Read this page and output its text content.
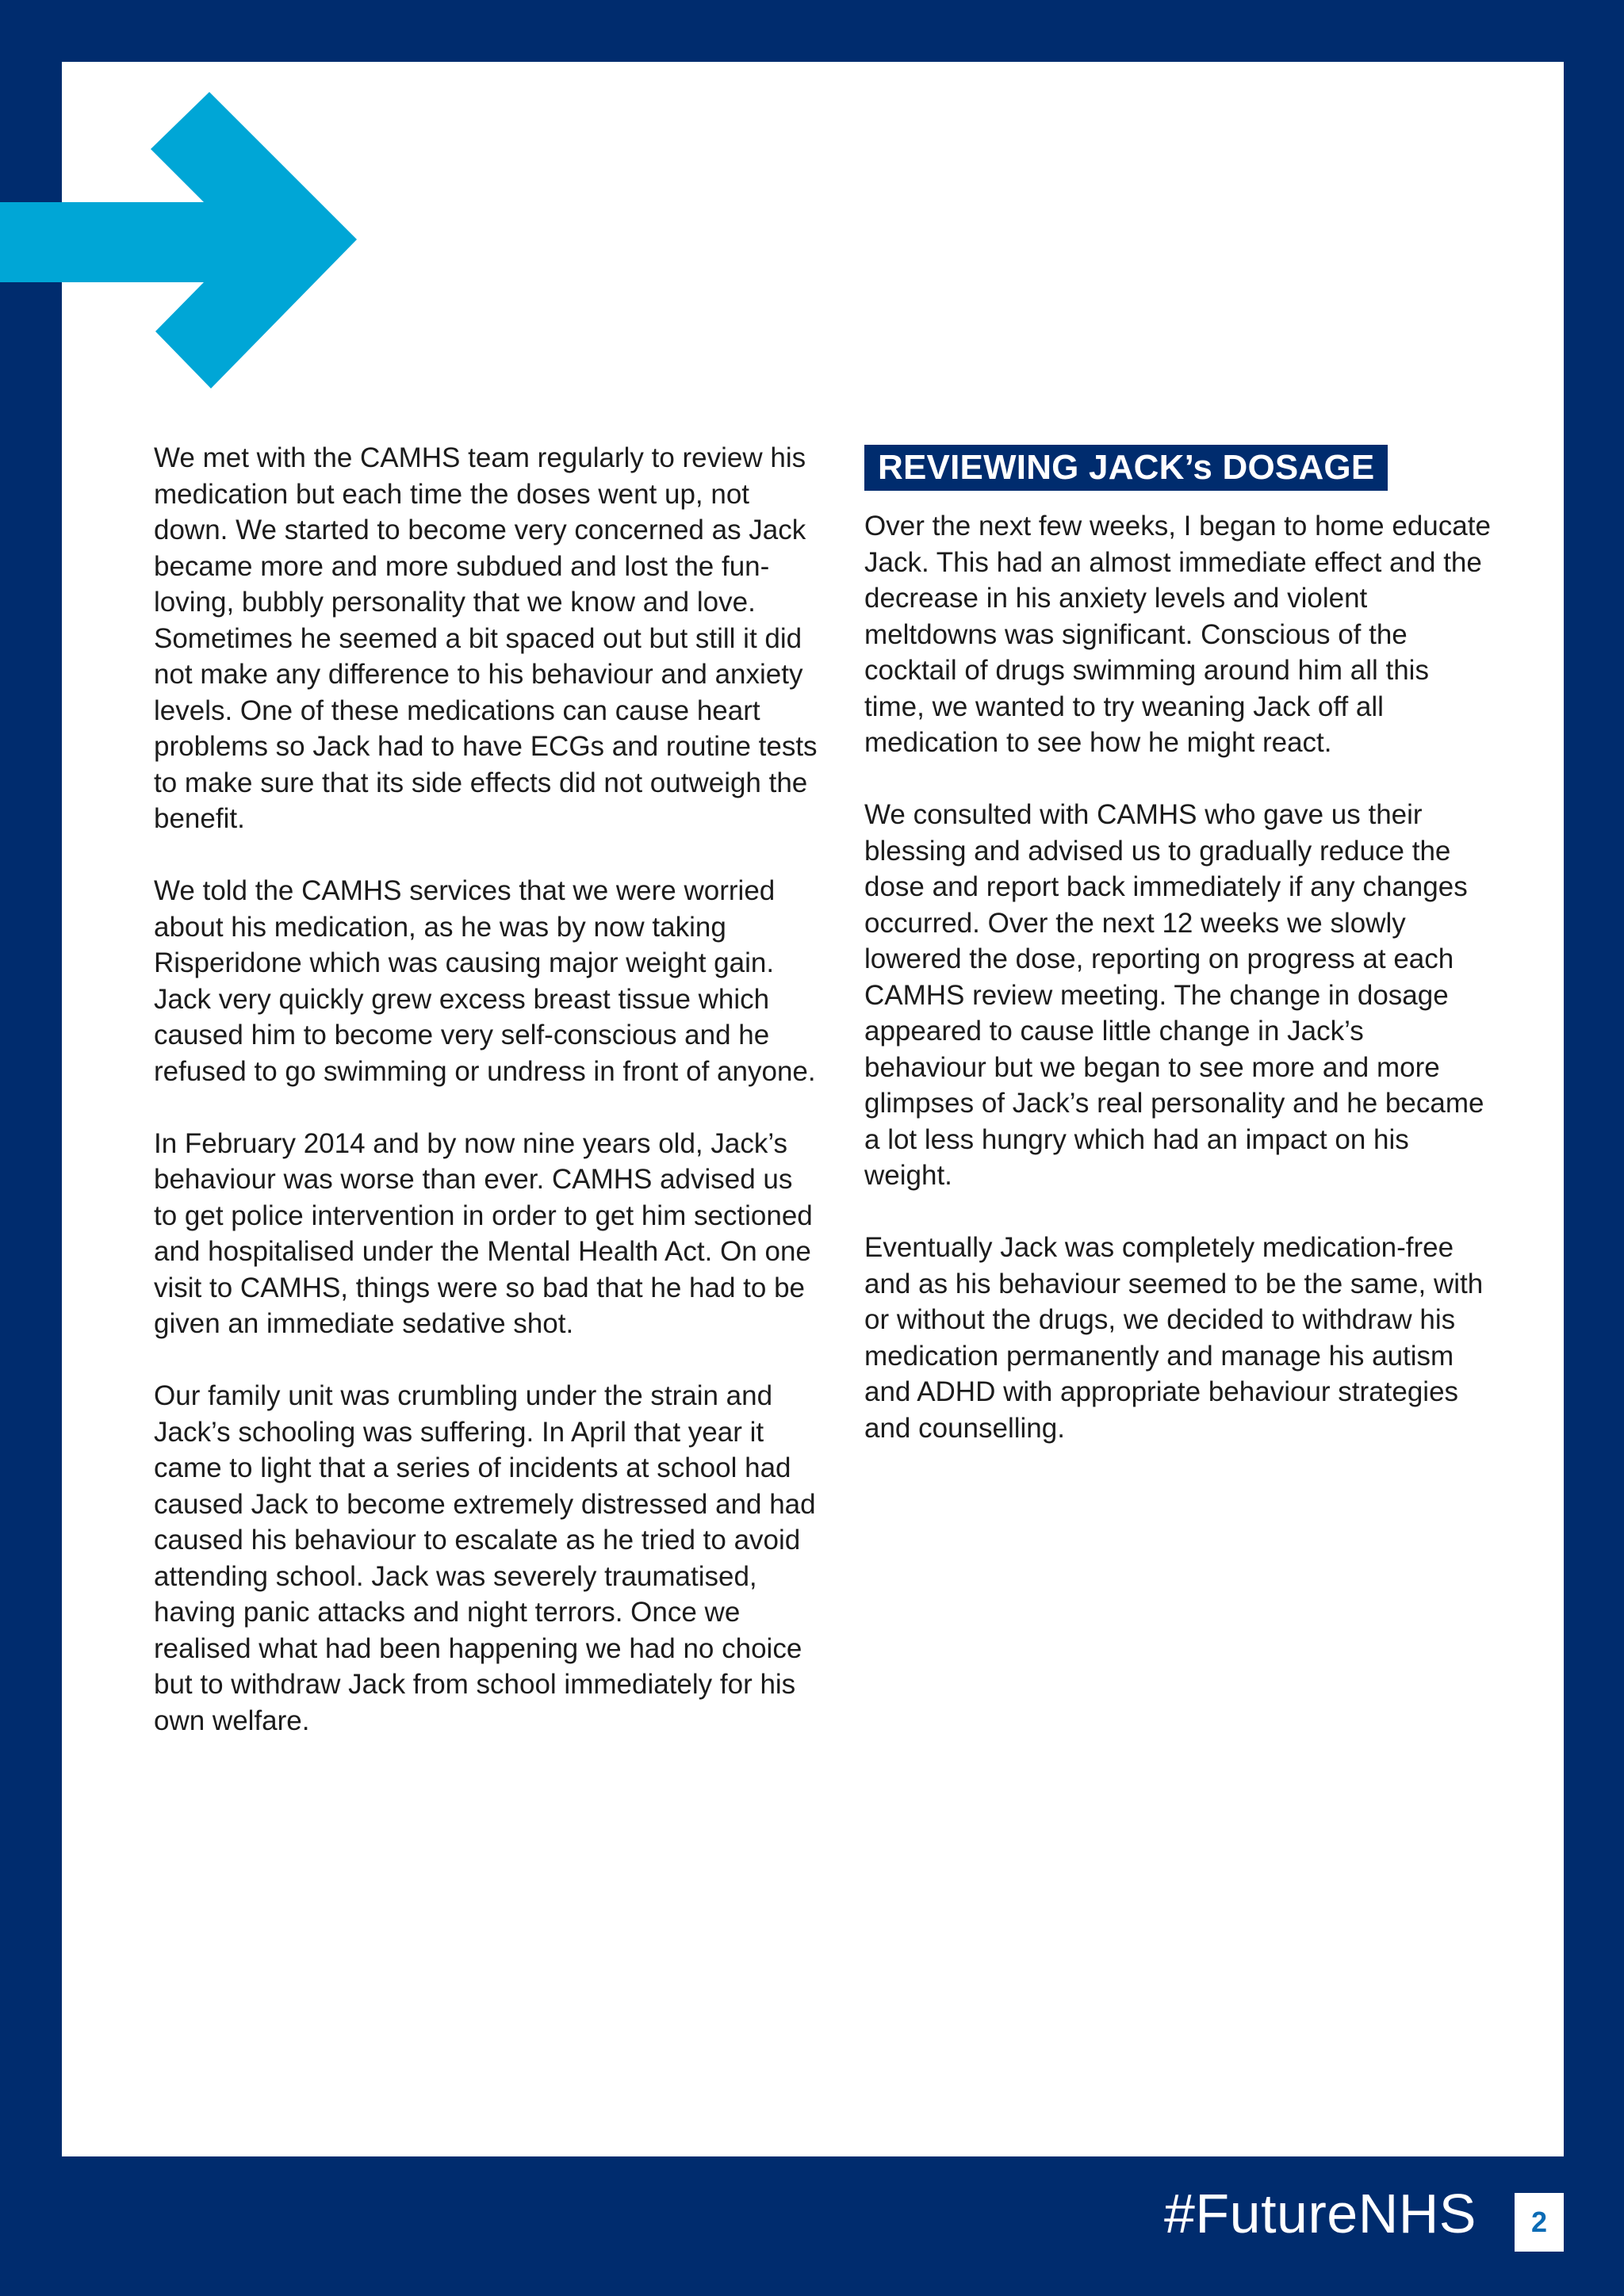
We met with the CAMHS team regularly to review his medication but each time the doses went up, not down. We started to become very concerned as Jack became more and more subdued and lost the fun-loving, bubbly personality that we know and love. Sometimes he seemed a bit spaced out but still it did not make any difference to his behaviour and anxiety levels. One of these medications can cause heart problems so Jack had to have ECGs and routine tests to make sure that its side effects did not outweigh the benefit.

We told the CAMHS services that we were worried about his medication, as he was by now taking Risperidone which was causing major weight gain. Jack very quickly grew excess breast tissue which caused him to become very self-conscious and he refused to go swimming or undress in front of anyone.

In February 2014 and by now nine years old, Jack’s behaviour was worse than ever. CAMHS advised us to get police intervention in order to get him sectioned and hospitalised under the Mental Health Act. On one visit to CAMHS, things were so bad that he had to be given an immediate sedative shot.

Our family unit was crumbling under the strain and Jack’s schooling was suffering. In April that year it came to light that a series of incidents at school had caused Jack to become extremely distressed and had caused his behaviour to escalate as he tried to avoid attending school. Jack was severely traumatised, having panic attacks and night terrors. Once we realised what had been happening we had no choice but to withdraw Jack from school immediately for his own welfare.

REVIEWING JACK’s DOSAGE

Over the next few weeks, I began to home educate Jack. This had an almost immediate effect and the decrease in his anxiety levels and violent meltdowns was significant. Conscious of the cocktail of drugs swimming around him all this time, we wanted to try weaning Jack off all medication to see how he might react.

We consulted with CAMHS who gave us their blessing and advised us to gradually reduce the dose and report back immediately if any changes occurred. Over the next 12 weeks we slowly lowered the dose, reporting on progress at each CAMHS review meeting. The change in dosage appeared to cause little change in Jack’s behaviour but we began to see more and more glimpses of Jack’s real personality and he became a lot less hungry which had an impact on his weight.

Eventually Jack was completely medication-free and as his behaviour seemed to be the same, with or without the drugs, we decided to withdraw his medication permanently and manage his autism and ADHD with appropriate behaviour strategies and counselling.

#FutureNHS	2
